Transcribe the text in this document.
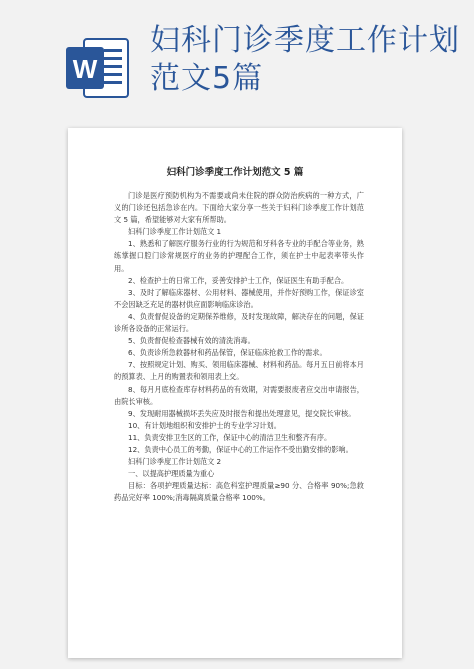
W
妇科门诊季度工作计划范文5篇
妇科门诊季度工作计划范文 5 篇

门诊是医疗预防机构为不需要或尚未住院的群众防治疾病的一种方式，广义的门诊还包括急诊在内。下面给大家分享一些关于妇科门诊季度工作计划范文 5 篇，希望能够对大家有所帮助。

妇科门诊季度工作计划范文 1

1、熟悉和了解医疗服务行业的行为规范和牙科各专业的手配合等业务，熟练掌握口腔门诊常规医疗的业务的护理配合工作，须在护士中起表率带头作用。

2、检查护士的日常工作，妥善安排护士工作，保证医生有助手配合。

3、及时了解临床器材、公用材料、器械使用，并作好预购工作，保证诊室不会因缺乏充足的器材供应面影响临床诊治。

4、负责督促设备的定期保养维修，及时发现故障，解决存在的问题，保证诊所各设备的正常运行。

5、负责督促检查器械有效的清洗消毒。

6、负责诊所急救器材和药品保管，保证临床抢救工作的需求。

7、按照规定计划、购买、领用临床器械、材料和药品。每月五日前将本月的预算表、上月的购置表和领用表上交。

8、每月月底检查库存材料药品的有效期，对需要报废者应交出申请报告，由院长审核。

9、发现耐用器械损坏丢失应及时报告和提出处理意见，提交院长审核。

10、有计划地组织和安排护士的专业学习计划。

11、负责安排卫生区的工作，保证中心的清洁卫生和整齐有序。

12、负责中心员工的考勤，保证中心的工作运作不受出勤安排的影响。

妇科门诊季度工作计划范文 2

一、以提高护理质量为重心

目标：各项护理质量达标：高危科室护理质量≥90 分、合格率 90%;急救药品完好率 100%;消毒隔离质量合格率 100%。
